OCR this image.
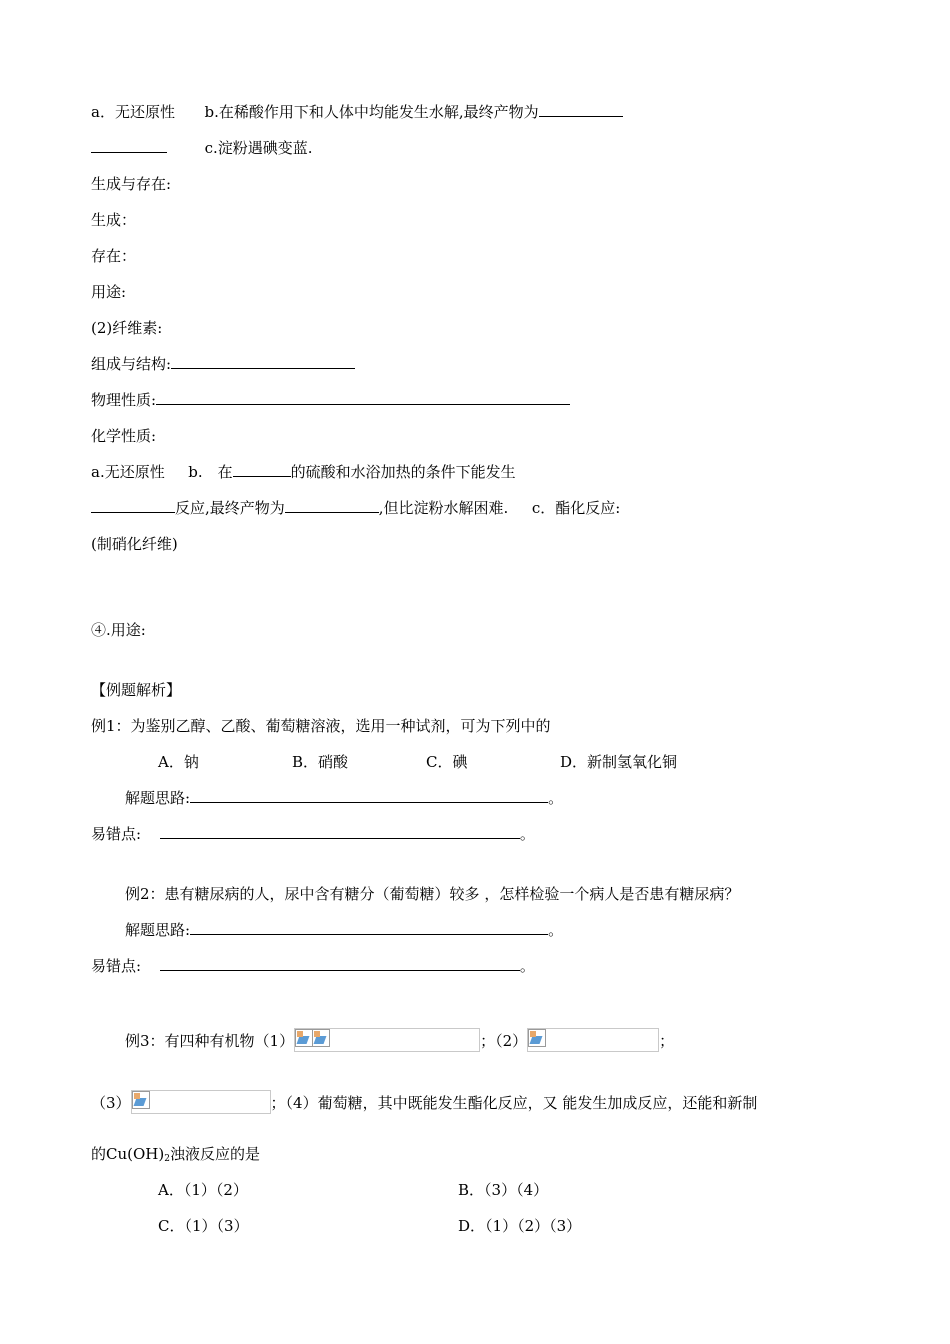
a．无还原性 b.在稀酸作用下和人体中均能发生水解,最终产物为
c.淀粉遇碘变蓝.
生成与存在:
生成：
存在：
用途:
(2)纤维素:
组成与结构:
物理性质:
化学性质:
a.无还原性 b.　在	的硫酸和水浴加热的条件下能发生
反应,最终产物为	,但比淀粉水解困难. c．酯化反应:
(制硝化纤维)
④.用途:
【例题解析】
例1：为鉴别乙醇、乙酸、葡萄糖溶液，选用一种试剂，可为下列中的
A．钠	B．硝酸	C．碘	D．新制氢氧化铜
解题思路:	。
易错点:	。
例2：患有糖尿病的人，尿中含有糖分（葡萄糖）较多 ，怎样检验一个病人是否患有糖尿病？
解题思路:	。
易错点:	。
例3：有四种有机物（1）	；（2）	；
（3）	；（4）葡萄糖，其中既能发生酯化反应，又 能发生加成反应，还能和新制
的$Cu(OH)_2$浊液反应的是
A．（1）（2）	B．（3）（4）
C．（1）（3）	D．（1）（2）（3）
